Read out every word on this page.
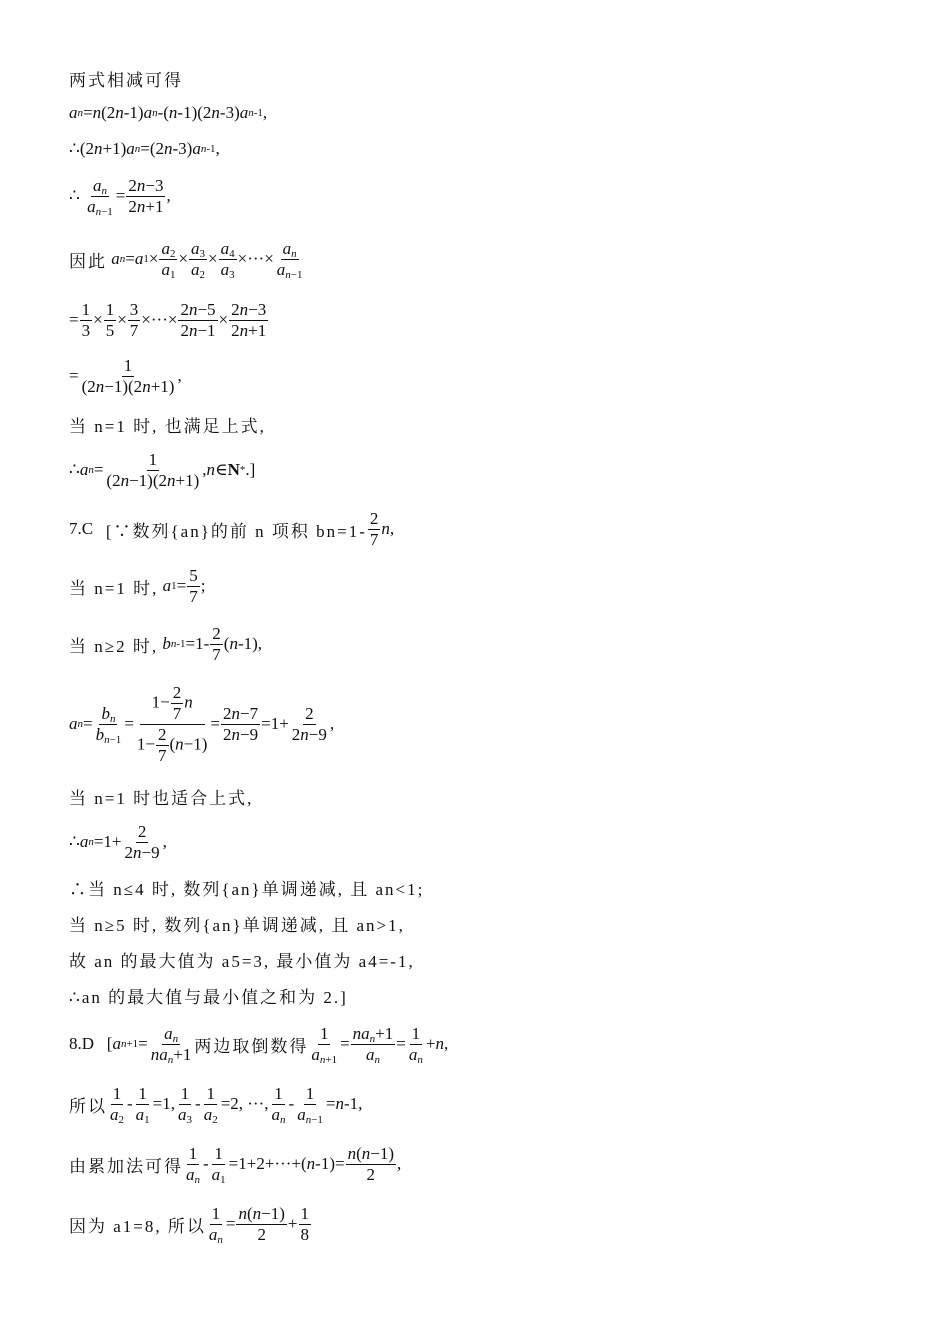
两式相减可得
a n = n (2 n -1) a n -( n -1)(2 n -3) a n-1 ,
∴ (2 n +1) a n =(2 n -3) a n-1 ,
∴
$\frac{a_n}{a_{n-1}} = \frac{2n-3}{2n+1}$ ,
因此
a n = a $1 \times \frac{a_2}{a_1} \times \frac{a_3}{a_2} \times \frac{a_4}{a_3}$ ×···× $\frac{a_n}{a_{n-1}}$
= $\frac{1}{3} \times \frac{1}{5} \times \frac{3}{7}$ ×···× $\frac{2n-5}{2n-1} \times \frac{2n-3}{2n+1}$
= $\frac{1}{(2n-1)(2n+1)}$ ,
当 n=1 时, 也满足上式,
∴ a $n = \frac{1}{(2n-1)(2n+1)}$ , n ∈ N * .]
7.C
[∵数列{an}的前 n 项积 $bn=1- \frac{2}{7}$ n ,
当 n=1 时,
a $1 = \frac{5}{7}$ ;
当 n≥2 时,
b $n-1 =1- \frac{2}{7}$ ( n -1),
a $n = \frac{b_n}{b_{n-1}} = \frac{1- \frac{2}{7} n}{1- \frac{2}{7} (n-1)} = \frac{2n-7}{2n-9} =1+ \frac{2}{2n-9}$ ,
当 n=1 时也适合上式,
∴ a $n =1+ \frac{2}{2n-9}$ ,
∴当 n≤4 时, 数列{an}单调递减, 且 an<1;
当 n≥5 时, 数列{an}单调递减, 且 an>1,
故 an 的最大值为 a5=3, 最小值为 a4=-1,
∴an 的最大值与最小值之和为 2.]
8.D [ a $n+1 = \frac{a_n}{na_n+1}$ 两边取倒数得 $\frac{1}{a_{n+1}} = \frac{na_n+1}{a_n} = \frac{1}{a_n} + n$ ,
所以 $\frac{1}{a_2} - \frac{1}{a_1} =1$, $\frac{1}{a_3} - \frac{1}{a_2} =2$, ···, $\frac{1}{a_n} - \frac{1}{a_{n-1}} = n$ -1,
由累加法可得 $\frac{1}{a_n} - \frac{1}{a_1} =1+2+\cdot\cdot\cdot+$( n $-1)= \frac{n(n-1)}{2}$ ,
因为 a1=8, 所以 $\frac{1}{a_n} = \frac{n(n-1)}{2} + \frac{1}{8}$
